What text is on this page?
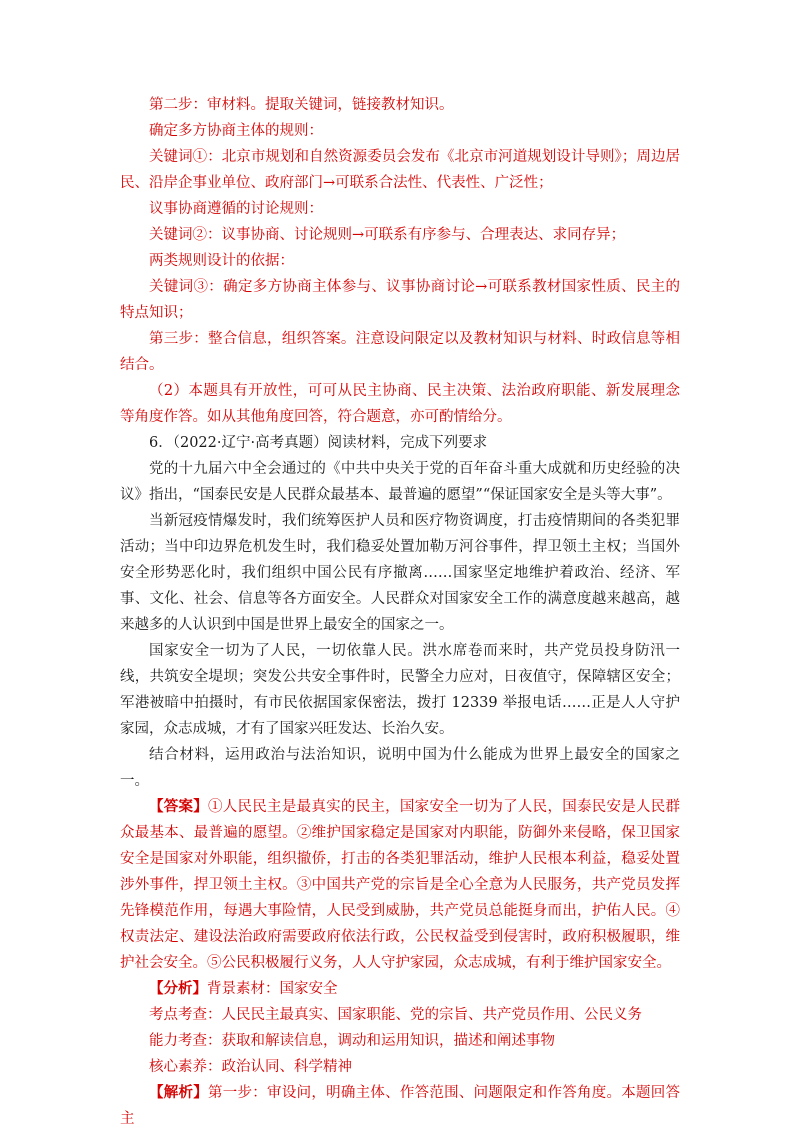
第二步：审材料。提取关键词，链接教材知识。

确定多方协商主体的规则：

关键词①：北京市规划和自然资源委员会发布《北京市河道规划设计导则》；周边居民、沿岸企事业单位、政府部门→可联系合法性、代表性、广泛性；

议事协商遵循的讨论规则：

关键词②：议事协商、讨论规则→可联系有序参与、合理表达、求同存异；

两类规则设计的依据：

关键词③：确定多方协商主体参与、议事协商讨论→可联系教材国家性质、民主的特点知识；

第三步：整合信息，组织答案。注意设问限定以及教材知识与材料、时政信息等相结合。

（2）本题具有开放性，可可从民主协商、民主决策、法治政府职能、新发展理念等角度作答。如从其他角度回答，符合题意，亦可酌情给分。

6．（2022·辽宁·高考真题）阅读材料，完成下列要求

党的十九届六中全会通过的《中共中央关于党的百年奋斗重大成就和历史经验的决议》指出，“国泰民安是人民群众最基本、最普遍的愿望”“保证国家安全是头等大事”。

当新冠疫情爆发时，我们统筹医护人员和医疗物资调度，打击疫情期间的各类犯罪活动；当中印边界危机发生时，我们稳妥处置加勒万河谷事件，捍卫领土主权；当国外安全形势恶化时，我们组织中国公民有序撤离……国家坚定地维护着政治、经济、军事、文化、社会、信息等各方面安全。人民群众对国家安全工作的满意度越来越高，越来越多的人认识到中国是世界上最安全的国家之一。

国家安全一切为了人民，一切依靠人民。洪水席卷而来时，共产党员投身防汛一线，共筑安全堤坝；突发公共安全事件时，民警全力应对，日夜值守，保障辖区安全；军港被暗中拍摄时，有市民依据国家保密法，拨打 12339 举报电话……正是人人守护家园，众志成城，才有了国家兴旺发达、长治久安。

结合材料，运用政治与法治知识，说明中国为什么能成为世界上最安全的国家之一。

【答案】①人民民主是最真实的民主，国家安全一切为了人民，国泰民安是人民群众最基本、最普遍的愿望。②维护国家稳定是国家对内职能，防御外来侵略，保卫国家安全是国家对外职能，组织撤侨，打击的各类犯罪活动，维护人民根本利益，稳妥处置涉外事件，捍卫领土主权。③中国共产党的宗旨是全心全意为人民服务，共产党员发挥先锋模范作用，每遇大事险情，人民受到威胁，共产党员总能挺身而出，护佑人民。④权责法定、建设法治政府需要政府依法行政，公民权益受到侵害时，政府积极履职，维护社会安全。⑤公民积极履行义务，人人守护家园，众志成城，有利于维护国家安全。

【分析】背景素材：国家安全

考点考查：人民民主最真实、国家职能、党的宗旨、共产党员作用、公民义务

能力考查：获取和解读信息，调动和运用知识，描述和阐述事物

核心素养：政治认同、科学精神

【解析】第一步：审设问，明确主体、作答范围、问题限定和作答角度。本题回答主
